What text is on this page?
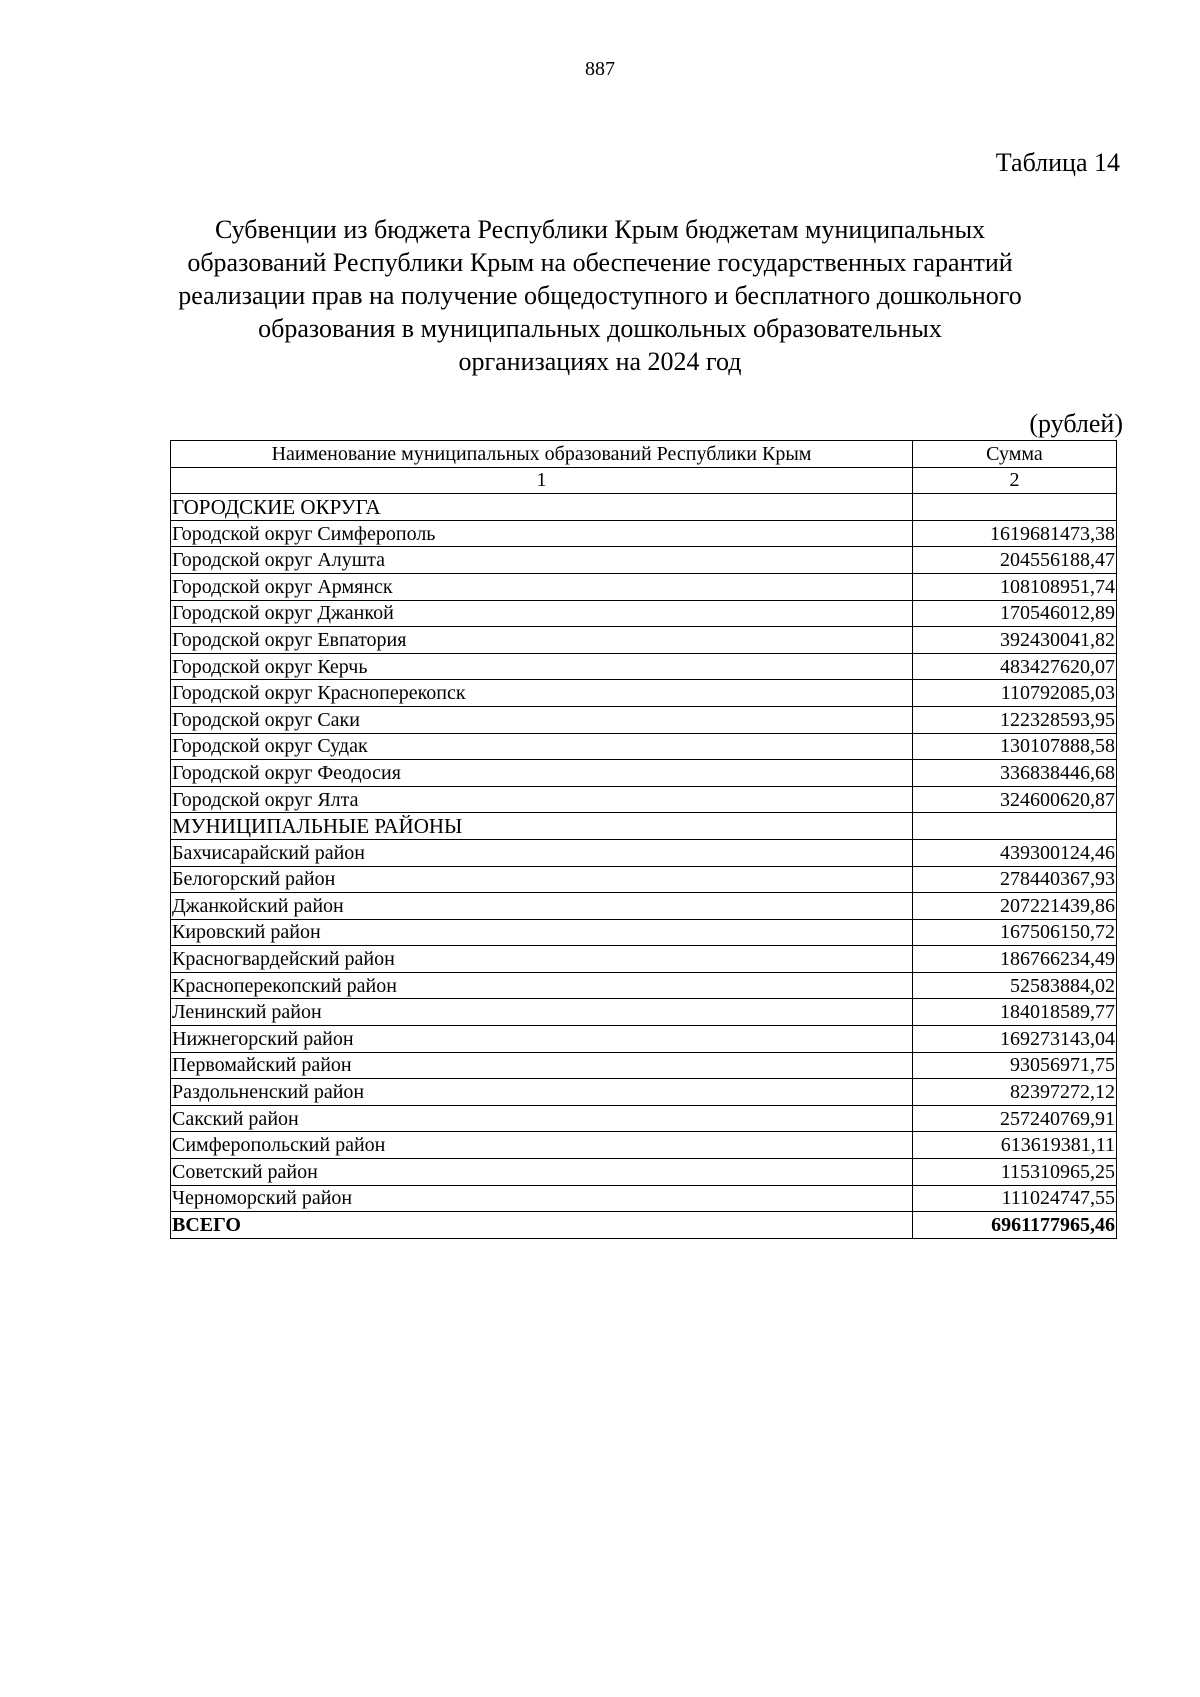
887
Таблица 14
Субвенции из бюджета Республики Крым бюджетам муниципальных
образований Республики Крым на обеспечение государственных гарантий
реализации прав на получение общедоступного и бесплатного дошкольного
образования в муниципальных дошкольных образовательных
организациях на 2024 год
(рублей)
Наименование муниципальных образований Республики Крым	Сумма
1	2
ГОРОДСКИЕ ОКРУГА	
Городской округ Симферополь	1619681473,38
Городской округ Алушта	204556188,47
Городской округ Армянск	108108951,74
Городской округ Джанкой	170546012,89
Городской округ Евпатория	392430041,82
Городской округ Керчь	483427620,07
Городской округ Красноперекопск	110792085,03
Городской округ Саки	122328593,95
Городской округ Судак	130107888,58
Городской округ Феодосия	336838446,68
Городской округ Ялта	324600620,87
МУНИЦИПАЛЬНЫЕ РАЙОНЫ	
Бахчисарайский район	439300124,46
Белогорский район	278440367,93
Джанкойский район	207221439,86
Кировский район	167506150,72
Красногвардейский район	186766234,49
Красноперекопский район	52583884,02
Ленинский район	184018589,77
Нижнегорский район	169273143,04
Первомайский район	93056971,75
Раздольненский район	82397272,12
Сакский район	257240769,91
Симферопольский район	613619381,11
Советский район	115310965,25
Черноморский район	111024747,55
ВСЕГО	6961177965,46
